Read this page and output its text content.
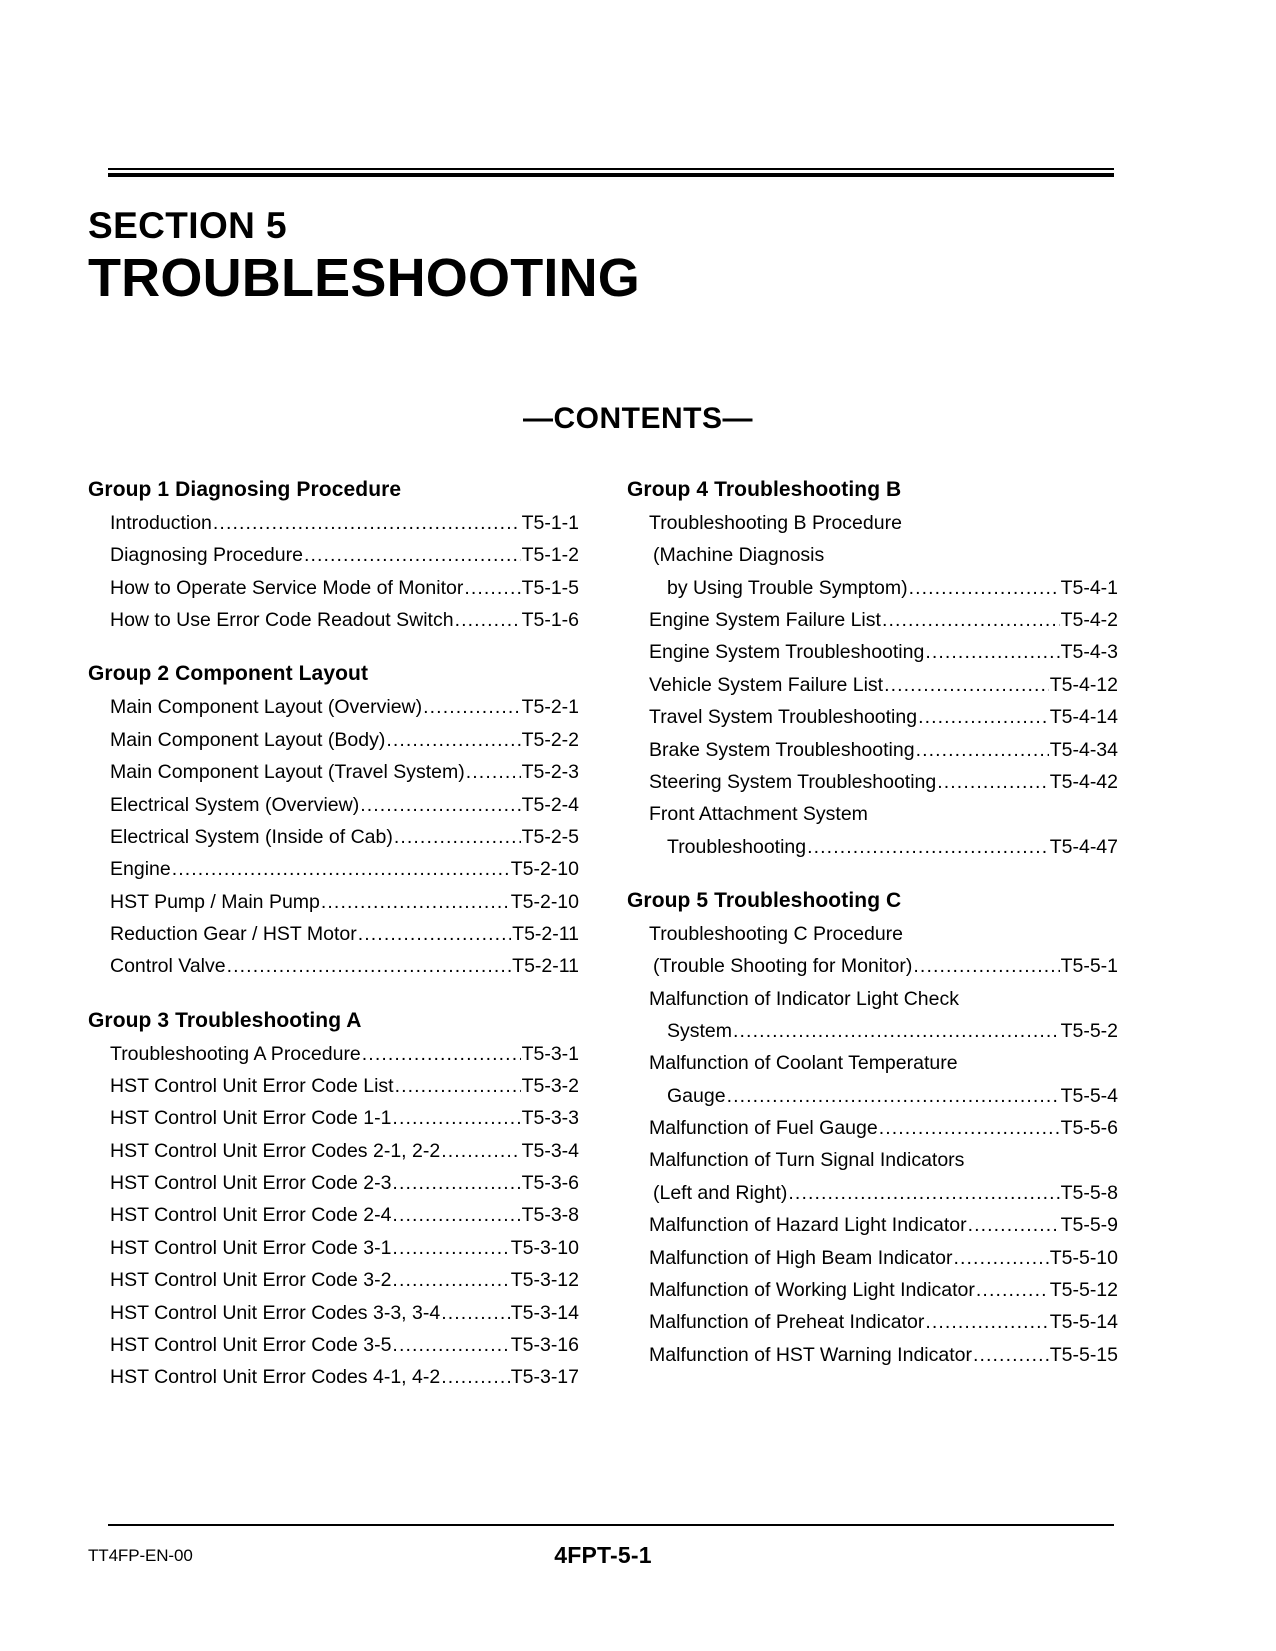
SECTION 5
TROUBLESHOOTING
—CONTENTS—
Group 1 Diagnosing Procedure
Introduction .....	T5-1-1
Diagnosing Procedure .....	T5-1-2
How to Operate Service Mode of Monitor .....	T5-1-5
How to Use Error Code Readout Switch .....	T5-1-6
Group 2 Component Layout
Main Component Layout (Overview) .....	T5-2-1
Main Component Layout (Body) .....	T5-2-2
Main Component Layout (Travel System) .....	T5-2-3
Electrical System (Overview) .....	T5-2-4
Electrical System (Inside of Cab) .....	T5-2-5
Engine .....	T5-2-10
HST Pump / Main Pump .....	T5-2-10
Reduction Gear / HST Motor .....	T5-2-11
Control Valve .....	T5-2-11
Group 3 Troubleshooting A
Troubleshooting A Procedure .....	T5-3-1
HST Control Unit Error Code List .....	T5-3-2
HST Control Unit Error Code 1-1 .....	T5-3-3
HST Control Unit Error Codes 2-1, 2-2 .....	T5-3-4
HST Control Unit Error Code 2-3 .....	T5-3-6
HST Control Unit Error Code 2-4 .....	T5-3-8
HST Control Unit Error Code 3-1 .....	T5-3-10
HST Control Unit Error Code 3-2 .....	T5-3-12
HST Control Unit Error Codes 3-3, 3-4 .....	T5-3-14
HST Control Unit Error Code 3-5 .....	T5-3-16
HST Control Unit Error Codes 4-1, 4-2 .....	T5-3-17
Group 4 Troubleshooting B
Troubleshooting B Procedure
(Machine Diagnosis
by Using Trouble Symptom) .....	T5-4-1
Engine System Failure List .....	T5-4-2
Engine System Troubleshooting .....	T5-4-3
Vehicle System Failure List .....	T5-4-12
Travel System Troubleshooting .....	T5-4-14
Brake System Troubleshooting .....	T5-4-34
Steering System Troubleshooting .....	T5-4-42
Front Attachment System
Troubleshooting .....	T5-4-47
Group 5 Troubleshooting C
Troubleshooting C Procedure
(Trouble Shooting for Monitor) .....	T5-5-1
Malfunction of Indicator Light Check
System .....	T5-5-2
Malfunction of Coolant Temperature
Gauge .....	T5-5-4
Malfunction of Fuel Gauge .....	T5-5-6
Malfunction of Turn Signal Indicators
(Left and Right) .....	T5-5-8
Malfunction of Hazard Light Indicator .....	T5-5-9
Malfunction of High Beam Indicator .....	T5-5-10
Malfunction of Working Light Indicator .....	T5-5-12
Malfunction of Preheat Indicator .....	T5-5-14
Malfunction of HST Warning Indicator .....	T5-5-15
TT4FP-EN-00	4FPT-5-1
